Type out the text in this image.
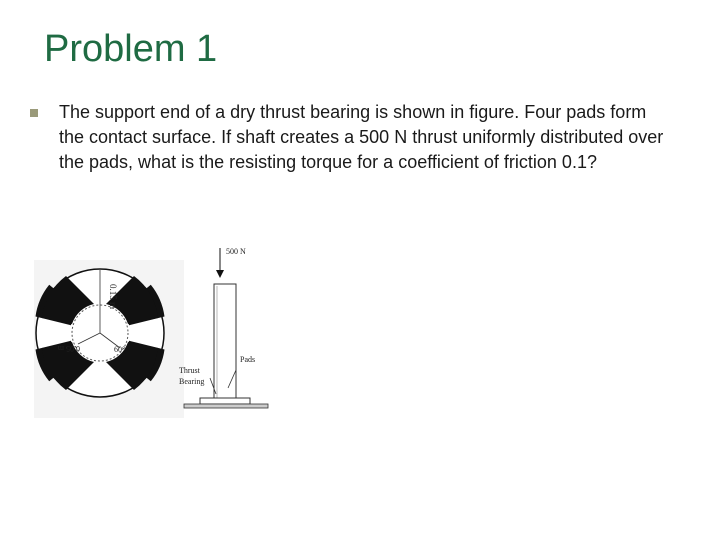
Problem 1
The support end of a dry thrust bearing is shown in figure. Four pads form the contact surface. If shaft creates a 500 N thrust uniformly distributed over the pads, what is the resisting torque for a coefficient of friction 0.1?
0.15 m
0.05 m	60°
500 N
Thrust
Bearing
Pads
